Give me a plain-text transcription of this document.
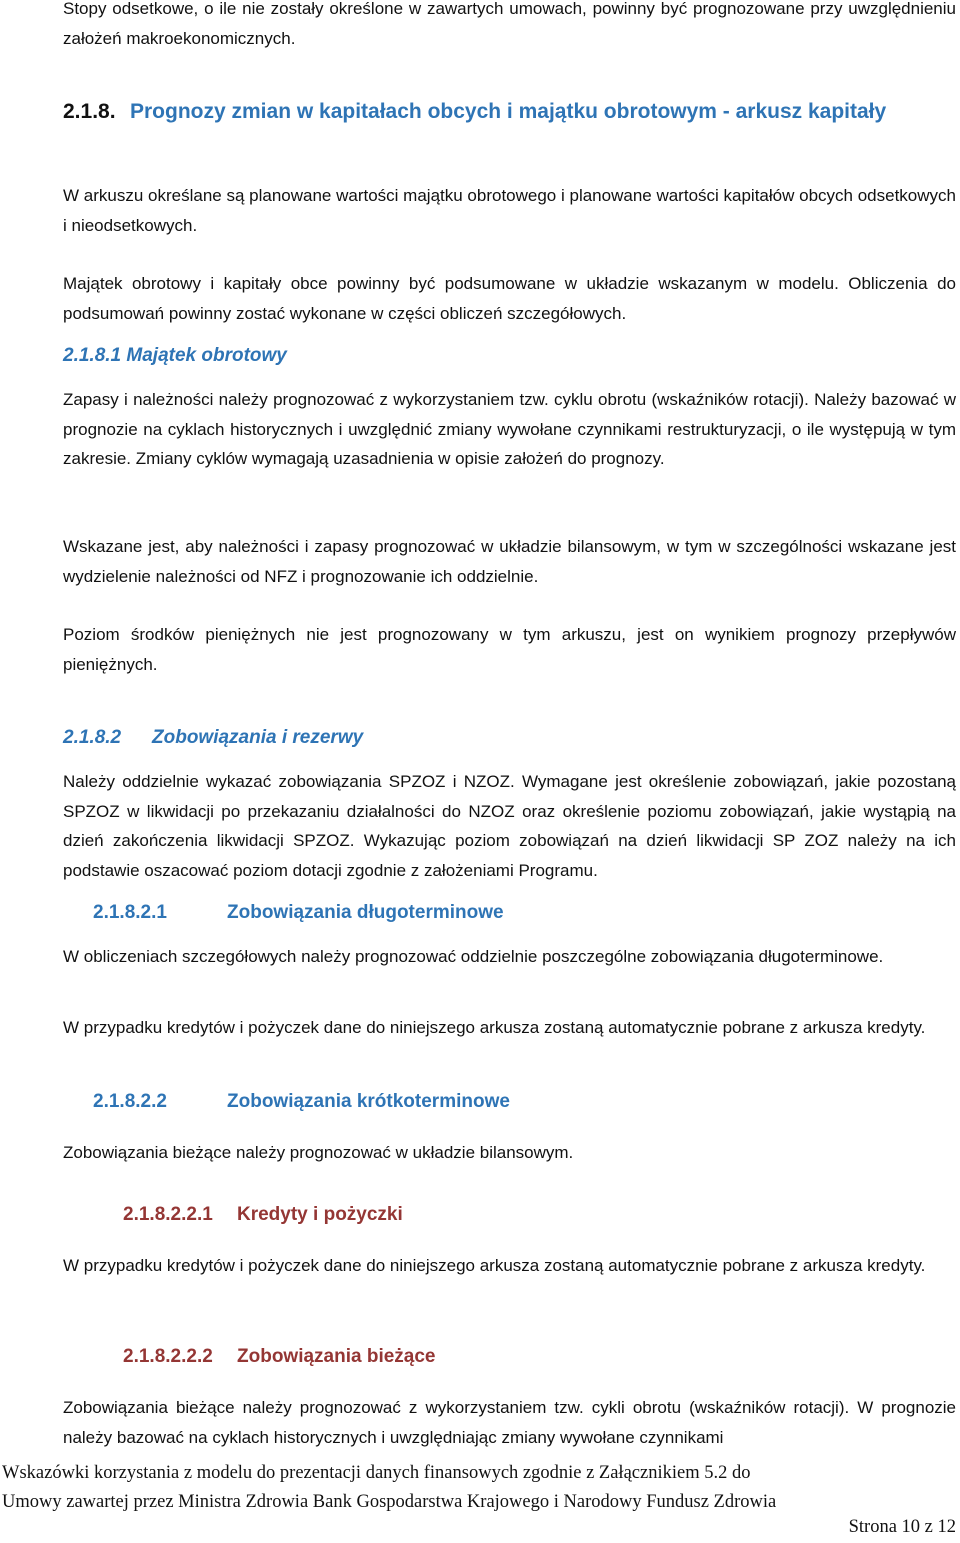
Stopy odsetkowe, o ile nie zostały określone w zawartych umowach, powinny być prognozowane przy uwzględnieniu założeń makroekonomicznych.

2.1.8. Prognozy zmian w kapitałach obcych i majątku obrotowym - arkusz kapitały

W arkuszu określane są planowane wartości majątku obrotowego i planowane wartości kapitałów obcych odsetkowych i nieodsetkowych.

Majątek obrotowy i kapitały obce powinny być podsumowane w układzie wskazanym w modelu. Obliczenia do podsumowań powinny zostać wykonane w części obliczeń szczegółowych.

2.1.8.1 Majątek obrotowy

Zapasy i należności należy prognozować z wykorzystaniem tzw. cyklu obrotu (wskaźników rotacji). Należy bazować w prognozie na cyklach historycznych i uwzględnić zmiany wywołane czynnikami restrukturyzacji, o ile występują w tym zakresie. Zmiany cyklów wymagają uzasadnienia w opisie założeń do prognozy.

Wskazane jest, aby należności i zapasy prognozować w układzie bilansowym, w tym w szczególności wskazane jest wydzielenie należności od NFZ i prognozowanie ich oddzielnie.

Poziom środków pieniężnych nie jest prognozowany w tym arkuszu, jest on wynikiem prognozy przepływów pieniężnych.

2.1.8.2 Zobowiązania i rezerwy

Należy oddzielnie wykazać zobowiązania SPZOZ i NZOZ. Wymagane jest określenie zobowiązań, jakie pozostaną SPZOZ w likwidacji po przekazaniu działalności do NZOZ oraz określenie poziomu zobowiązań, jakie wystąpią na dzień zakończenia likwidacji SPZOZ. Wykazując poziom zobowiązań na dzień likwidacji SP ZOZ należy na ich podstawie oszacować poziom dotacji zgodnie z założeniami Programu.

2.1.8.2.1	Zobowiązania długoterminowe

W obliczeniach szczegółowych należy prognozować oddzielnie poszczególne zobowiązania długoterminowe.

W przypadku kredytów i pożyczek dane do niniejszego arkusza zostaną automatycznie pobrane z arkusza kredyty.

2.1.8.2.2	Zobowiązania krótkoterminowe

Zobowiązania bieżące należy prognozować w układzie bilansowym.

2.1.8.2.2.1 Kredyty i pożyczki

W przypadku kredytów i pożyczek dane do niniejszego arkusza zostaną automatycznie pobrane z arkusza kredyty.

2.1.8.2.2.2 Zobowiązania bieżące

Zobowiązania bieżące należy prognozować z wykorzystaniem tzw. cykli obrotu (wskaźników rotacji). W prognozie należy bazować na cyklach historycznych i uwzględniając zmiany wywołane czynnikami

Wskazówki korzystania z modelu do prezentacji danych finansowych zgodnie z Załącznikiem 5.2 do
Umowy zawartej przez Ministra Zdrowia Bank Gospodarstwa Krajowego i Narodowy Fundusz Zdrowia
Strona 10 z 12
